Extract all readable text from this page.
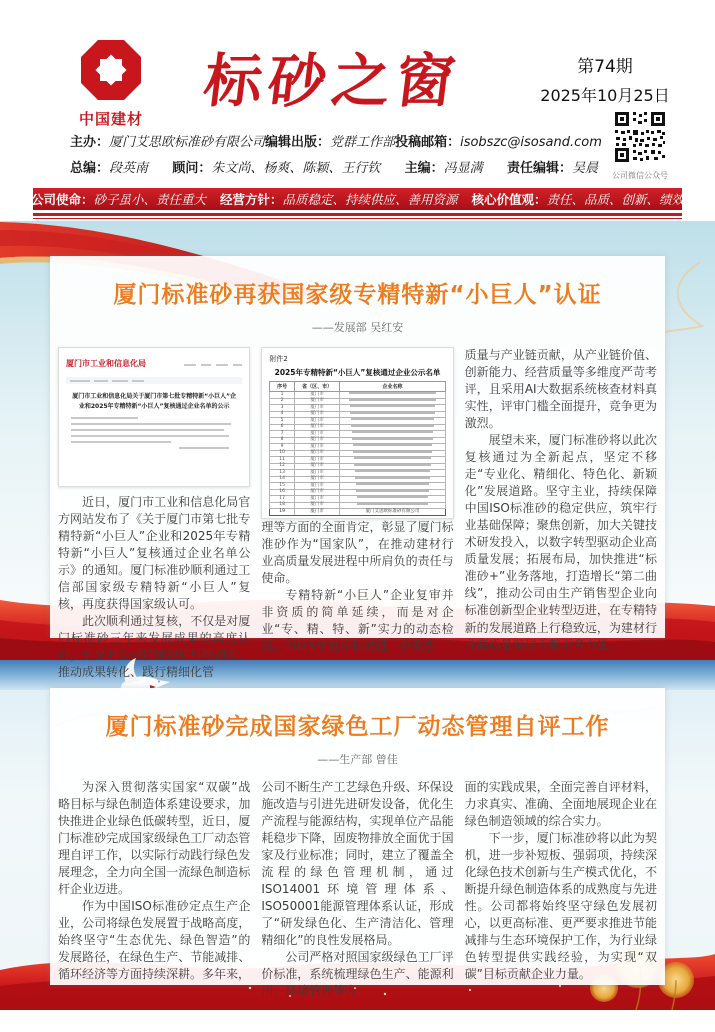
中国建材
标砂之窗	第74期
2025年10月25日
公司微信公众号
主办：厦门艾思欧标准砂有限公司 编辑出版：党群工作部 投稿邮箱：isobszc@isosand.com
总编：段英南 顾问：朱文尚、杨爽、陈颖、王行钦 主编：冯显满 责任编辑：吴晨
公司使命：砂子虽小、责任重大 经营方针：品质稳定、持续供应、善用资源 核心价值观：责任、品质、创新、绩效
厦门标准砂再获国家级专精特新“小巨人”认证
——发展部 吴红安
厦门市工业和信息化局

厦门市工业和信息化局关于厦门市第七批专精特新“小巨人”企业和2025年专精特新“小巨人”复核通过企业名单的公示

近日，厦门市工业和信息化局官方网站发布了《关于厦门市第七批专精特新“小巨人”企业和2025年专精特新“小巨人”复核通过企业名单公示》的通知。厦门标准砂顺利通过工信部国家级专精特新“小巨人”复核，再度获得国家级认可。

此次顺利通过复核，不仅是对厦门标准砂三年来发展成果的高度认可，更是对公司持续深耕科技创新、推动成果转化、践行精细化管

附件2
2025年专精特新“小巨人”复核通过企业公示名单
序号	省（区、市）	企业名称
1	厦门市	
2	厦门市	
3	厦门市	
4	厦门市	
5	厦门市	
6	厦门市	
7	厦门市	
8	厦门市	
9	厦门市	
10	厦门市	
11	厦门市	
12	厦门市	
13	厦门市	
14	厦门市	
15	厦门市	
16	厦门市	
17	厦门市	
18	厦门市	
19	厦门市	厦门艾思欧标准砂有限公司

理等方面的全面肯定，彰显了厦门标准砂作为“国家队”，在推动建材行业高质量发展进程中所肩负的责任与使命。

专精特新“小巨人”企业复审并非资质的简单延续，而是对企业“专、精、特、新”实力的动态检验。2025年复审标准进一步聚焦

质量与产业链贡献，从产业链价值、创新能力、经营质量等多维度严苛考评，且采用AI大数据系统核查材料真实性，评审门槛全面提升，竞争更为激烈。

展望未来，厦门标准砂将以此次复核通过为全新起点，坚定不移走“专业化、精细化、特色化、新颖化”发展道路。坚守主业，持续保障中国ISO标准砂的稳定供应，筑牢行业基础保障；聚焦创新，加大关键技术研发投入，以数字转型驱动企业高质量发展；拓展布局，加快推进“标准砂+”业务落地，打造增长“第二曲线”，推动公司由生产销售型企业向标准创新型企业转型迈进，在专精特新的发展道路上行稳致远，为建材行业高质量发展贡献更多力量。

厦门标准砂完成国家绿色工厂动态管理自评工作
——生产部 曾佳

为深入贯彻落实国家“双碳”战略目标与绿色制造体系建设要求，加快推进企业绿色低碳转型，近日，厦门标准砂完成国家级绿色工厂动态管理自评工作，以实际行动践行绿色发展理念，全力向全国一流绿色制造标杆企业迈进。

作为中国ISO标准砂定点生产企业，公司将绿色发展置于战略高度，始终坚守“生态优先、绿色智造”的发展路径，在绿色生产、节能减排、循环经济等方面持续深耕。多年来，

公司不断生产工艺绿色升级、环保设施改造与引进先进研发设备，优化生产流程与能源结构，实现单位产品能耗稳步下降，固废物排放全面优于国家及行业标准；同时，建立了覆盖全流程的绿色管理机制，通过ISO14001环境管理体系、ISO50001能源管理体系认证，形成了“研发绿色化、生产清洁化、管理精细化”的良性发展格局。

公司严格对照国家级绿色工厂评价标准，系统梳理绿色生产、能源利用、环境管理等方

面的实践成果，全面完善自评材料，力求真实、准确、全面地展现企业在绿色制造领域的综合实力。

下一步，厦门标准砂将以此为契机，进一步补短板、强弱项，持续深化绿色技术创新与生产模式优化，不断提升绿色制造体系的成熟度与先进性。公司都将始终坚守绿色发展初心，以更高标准、更严要求推进节能减排与生态环境保护工作，为行业绿色转型提供实践经验，为实现“双碳”目标贡献企业力量。
